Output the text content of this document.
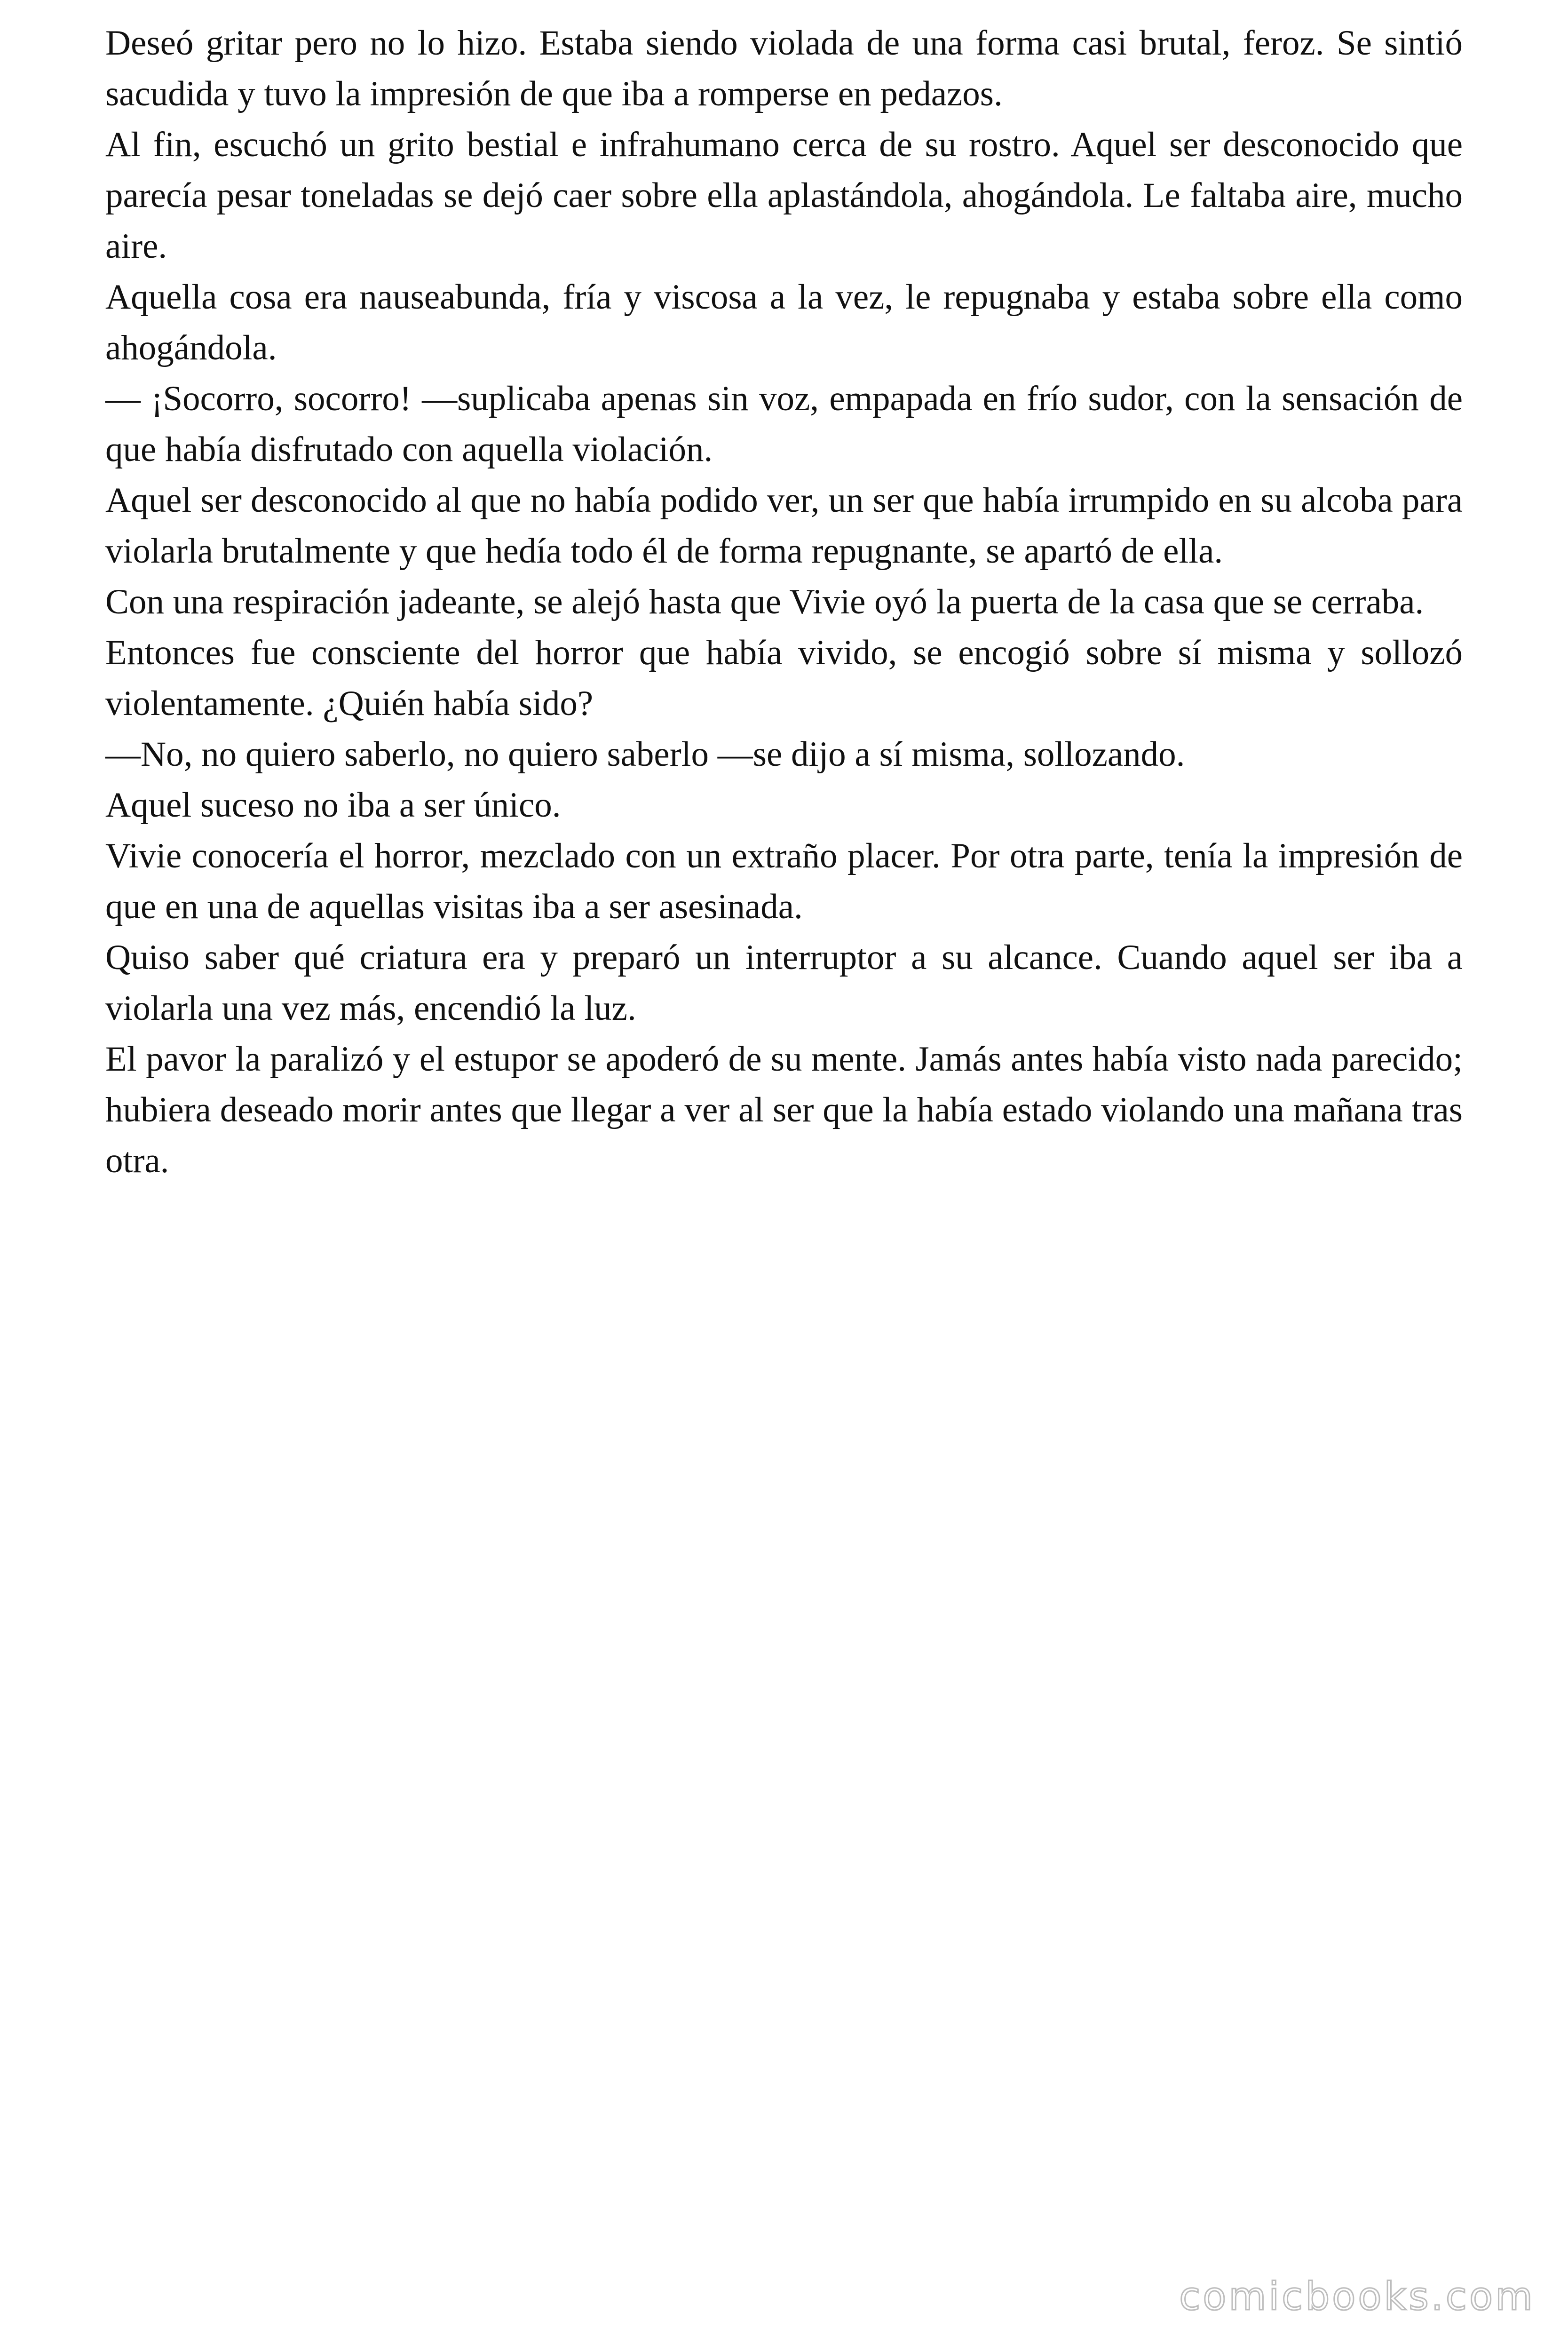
Deseó gritar pero no lo hizo. Estaba siendo violada de una forma casi brutal, feroz. Se sintió sacudida y tuvo la impresión de que iba a romperse en pedazos.

Al fin, escuchó un grito bestial e infrahumano cerca de su rostro. Aquel ser desconocido que parecía pesar toneladas se dejó caer sobre ella aplastándola, ahogándola. Le faltaba aire, mucho aire.

Aquella cosa era nauseabunda, fría y viscosa a la vez, le repugnaba y estaba sobre ella como ahogándola.

— ¡Socorro, socorro! —suplicaba apenas sin voz, empapada en frío sudor, con la sensación de que había disfrutado con aquella violación.

Aquel ser desconocido al que no había podido ver, un ser que había irrumpido en su alcoba para violarla brutalmente y que hedía todo él de forma repugnante, se apartó de ella.

Con una respiración jadeante, se alejó hasta que Vivie oyó la puerta de la casa que se cerraba.

Entonces fue consciente del horror que había vivido, se encogió sobre sí misma y sollozó violentamente. ¿Quién había sido?

—No, no quiero saberlo, no quiero saberlo —se dijo a sí misma, sollozando.

Aquel suceso no iba a ser único.

Vivie conocería el horror, mezclado con un extraño placer. Por otra parte, tenía la impresión de que en una de aquellas visitas iba a ser asesinada.

Quiso saber qué criatura era y preparó un interruptor a su alcance. Cuando aquel ser iba a violarla una vez más, encendió la luz.

El pavor la paralizó y el estupor se apoderó de su mente. Jamás antes había visto nada parecido; hubiera deseado morir antes que llegar a ver al ser que la había estado violando una mañana tras otra.

comicbooks.com
